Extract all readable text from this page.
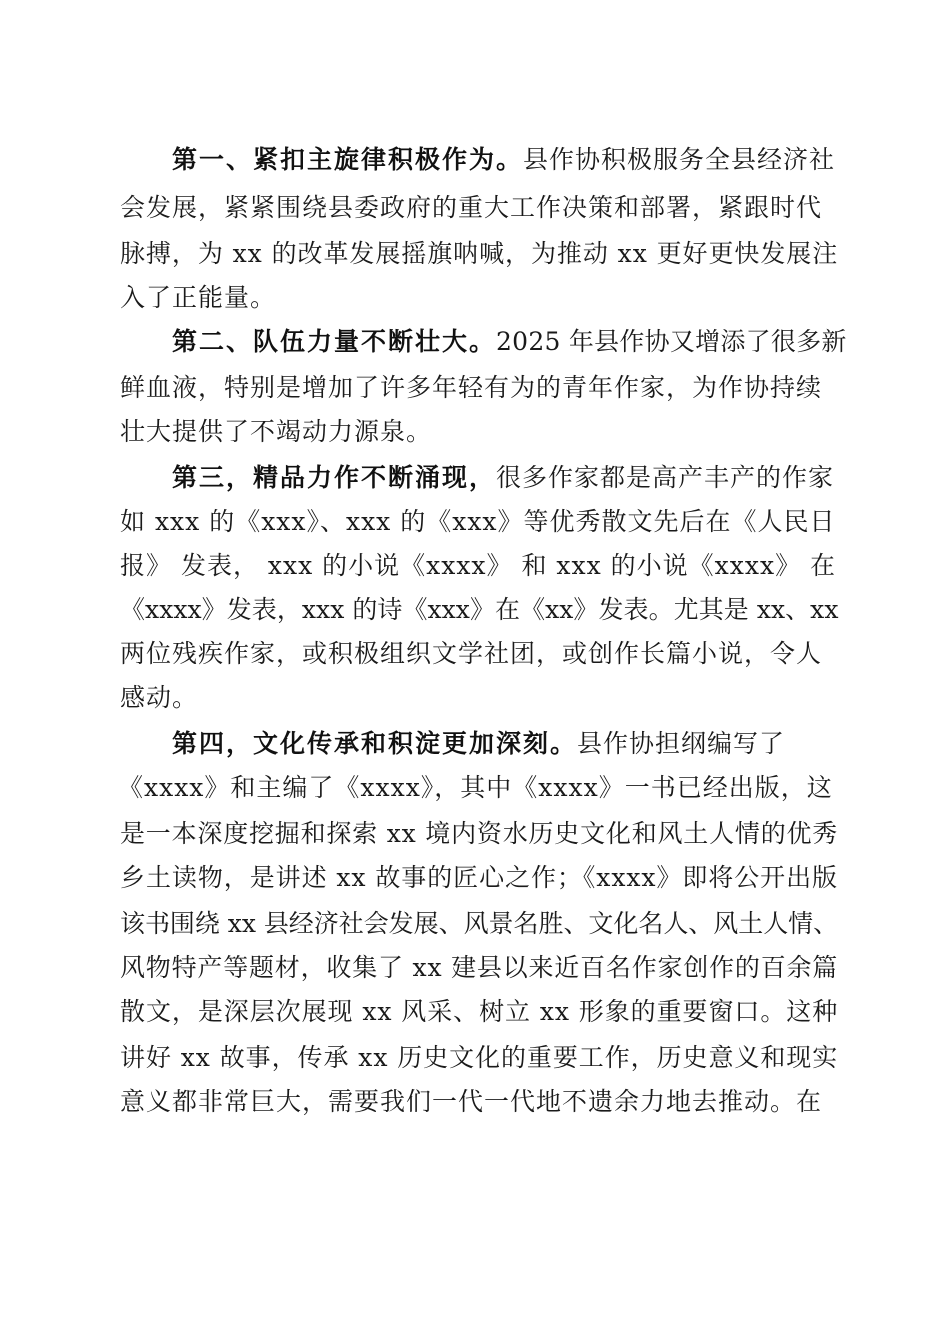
第一、紧扣主旋律积极作为。县作协积极服务全县经济社
会发展，紧紧围绕县委政府的重大工作决策和部署，紧跟时代
脉搏，为 xx 的改革发展摇旗呐喊，为推动 xx 更好更快发展注
入了正能量。
第二、队伍力量不断壮大。2025 年县作协又增添了很多新
鲜血液，特别是增加了许多年轻有为的青年作家，为作协持续
壮大提供了不竭动力源泉。
第三，精品力作不断涌现，很多作家都是高产丰产的作家
如 xxx 的《xxx》、xxx 的《xxx》等优秀散文先后在《人民日
报》 发表， xxx 的小说《xxxx》 和 xxx 的小说《xxxx》 在
《xxxx》发表，xxx 的诗《xxx》在《xx》发表。尤其是 xx、xx
两位残疾作家，或积极组织文学社团，或创作长篇小说，令人
感动。
第四，文化传承和积淀更加深刻。县作协担纲编写了
《xxxx》和主编了《xxxx》，其中《xxxx》一书已经出版，这
是一本深度挖掘和探索 xx 境内资水历史文化和风土人情的优秀
乡土读物，是讲述 xx 故事的匠心之作；《xxxx》即将公开出版
该书围绕 xx 县经济社会发展、风景名胜、文化名人、风土人情、
风物特产等题材，收集了 xx 建县以来近百名作家创作的百余篇
散文，是深层次展现 xx 风采、树立 xx 形象的重要窗口。这种
讲好 xx 故事，传承 xx 历史文化的重要工作，历史意义和现实
意义都非常巨大，需要我们一代一代地不遗余力地去推动。在
